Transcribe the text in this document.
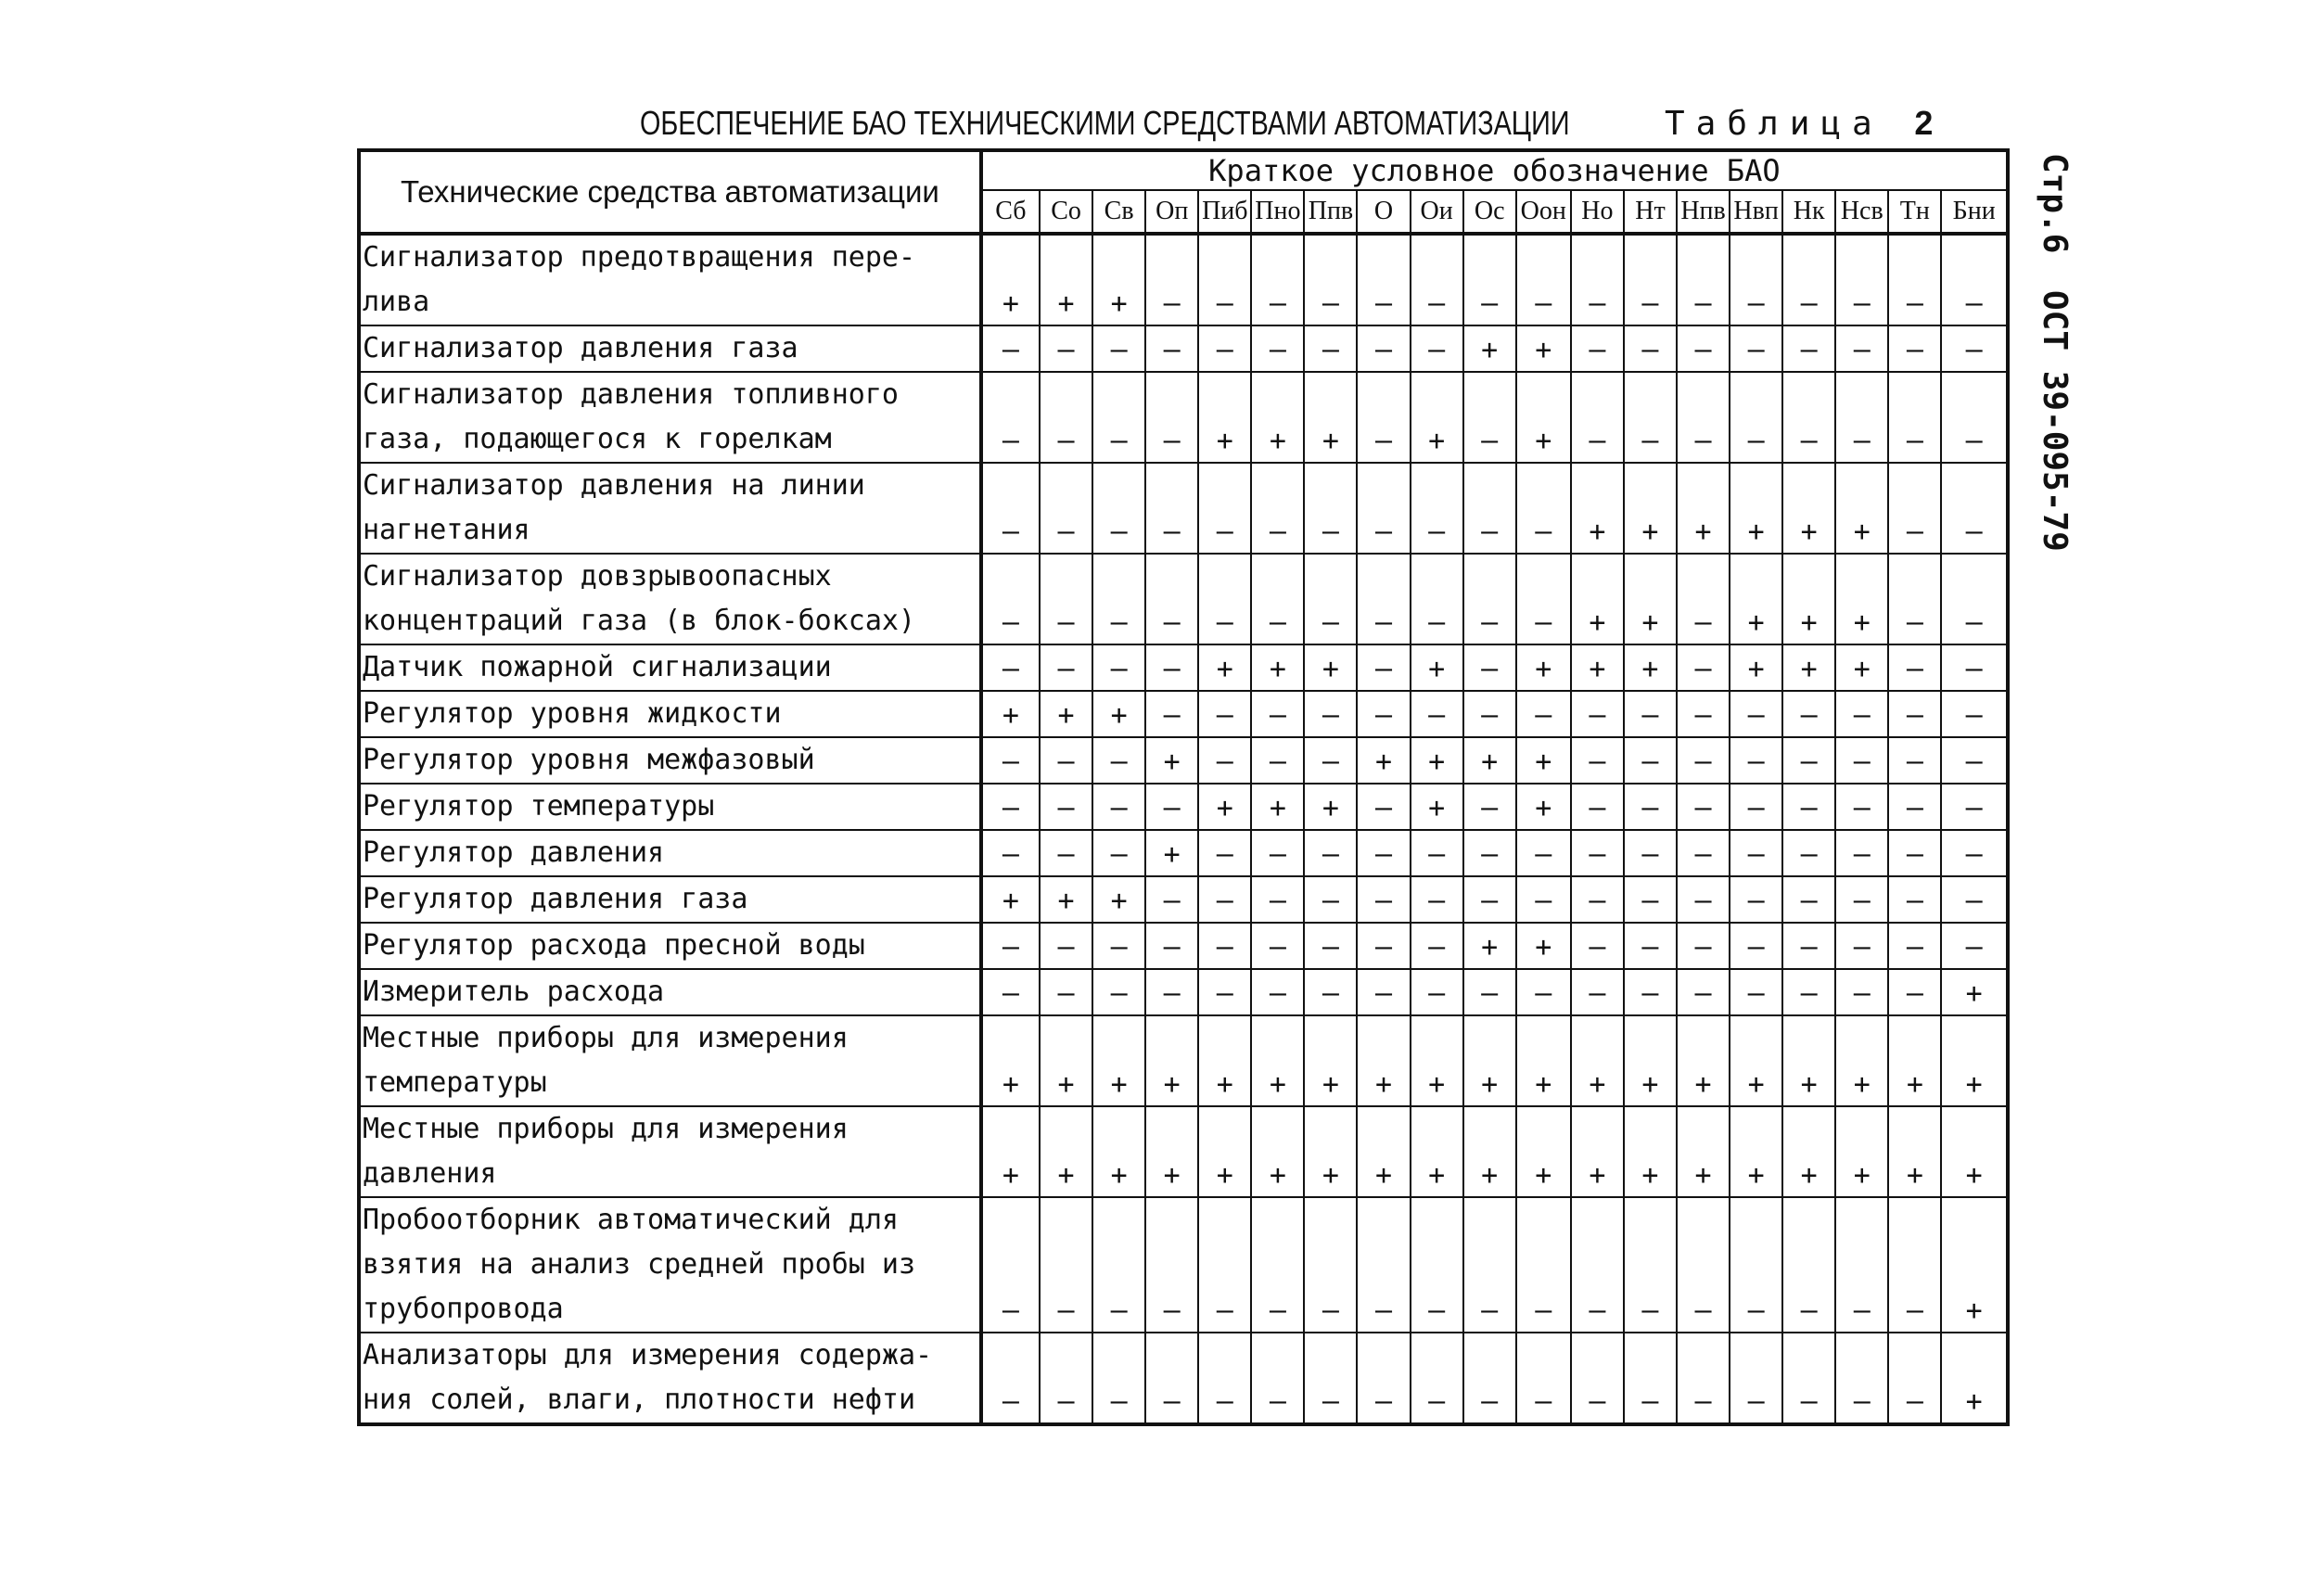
ОБЕСПЕЧЕНИЕ БАО ТЕХНИЧЕСКИМИ СРЕДСТВАМИ АВТОМАТИЗАЦИИ	Таблица 2
Стр.6ОСТ 39-095-79
Технические средства автоматизации	Краткое условное обозначение БАО																		
	Сб	Со	Св	Оп	Пиб	Пно	Ппв	О	Ои	Ос	Оон	Но	Нт	Нпв	Нвп	Нк	Нсв	Тн	Бни

Сигнализатор предотвращения пере-
лива	+	+	+	–	–	–	–	–	–	–	–	–	–	–	–	–	–	–	–

Сигнализатор давления газа	–	–	–	–	–	–	–	–	–	+	+	–	–	–	–	–	–	–	–

Сигнализатор давления топливного
газа, подающегося к горелкам	–	–	–	–	+	+	+	–	+	–	+	–	–	–	–	–	–	–	–

Сигнализатор давления на линии
нагнетания	–	–	–	–	–	–	–	–	–	–	–	+	+	+	+	+	+	–	–

Сигнализатор довзрывоопасных
концентраций газа (в блок-боксах)	–	–	–	–	–	–	–	–	–	–	–	+	+	–	+	+	+	–	–

Датчик пожарной сигнализации	–	–	–	–	+	+	+	–	+	–	+	+	+	–	+	+	+	–	–

Регулятор уровня жидкости	+	+	+	–	–	–	–	–	–	–	–	–	–	–	–	–	–	–	–

Регулятор уровня межфазовый	–	–	–	+	–	–	–	+	+	+	+	–	–	–	–	–	–	–	–

Регулятор температуры	–	–	–	–	+	+	+	–	+	–	+	–	–	–	–	–	–	–	–

Регулятор давления	–	–	–	+	–	–	–	–	–	–	–	–	–	–	–	–	–	–	–

Регулятор давления газа	+	+	+	–	–	–	–	–	–	–	–	–	–	–	–	–	–	–	–

Регулятор расхода пресной воды	–	–	–	–	–	–	–	–	–	+	+	–	–	–	–	–	–	–	–

Измеритель расхода	–	–	–	–	–	–	–	–	–	–	–	–	–	–	–	–	–	–	+

Местные приборы для измерения
температуры	+	+	+	+	+	+	+	+	+	+	+	+	+	+	+	+	+	+	+

Местные приборы для измерения
давления	+	+	+	+	+	+	+	+	+	+	+	+	+	+	+	+	+	+	+

Пробоотборник автоматический для
взятия на анализ средней пробы из
трубопровода	–	–	–	–	–	–	–	–	–	–	–	–	–	–	–	–	–	–	+

Анализаторы для измерения содержа-
ния солей, влаги, плотности нефти	–	–	–	–	–	–	–	–	–	–	–	–	–	–	–	–	–	–	+
